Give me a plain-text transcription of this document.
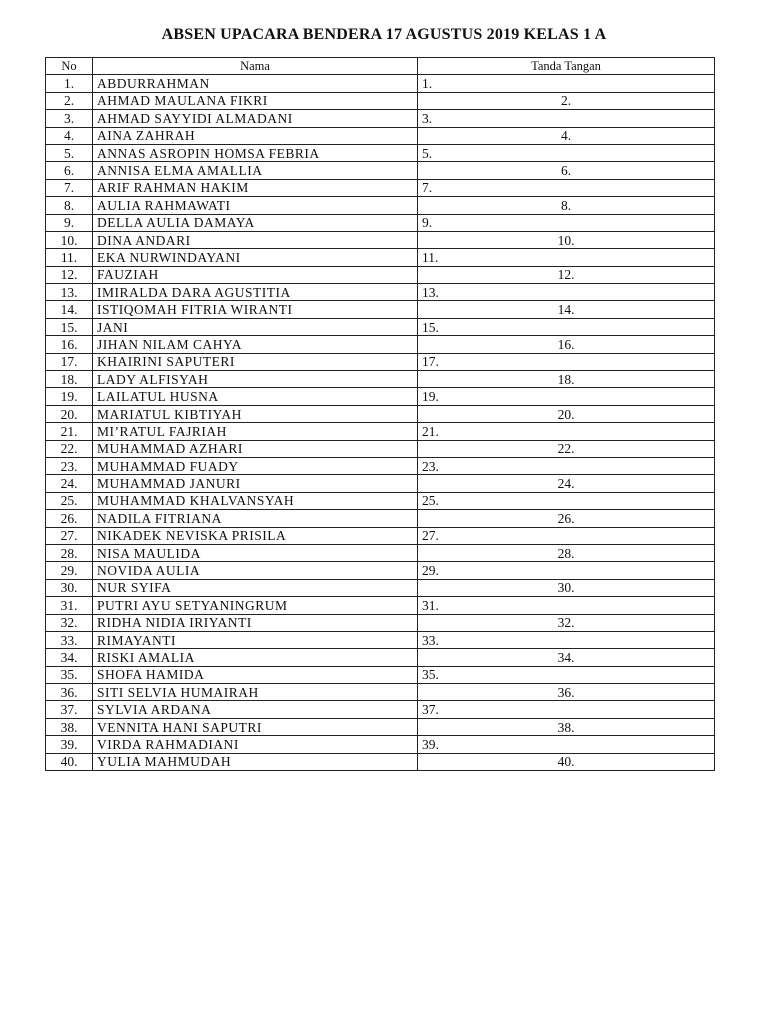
ABSEN UPACARA BENDERA 17 AGUSTUS 2019 KELAS 1 A
No	Nama	Tanda Tangan
1.	ABDURRAHMAN	1.
2.	AHMAD MAULANA FIKRI	2.
3.	AHMAD SAYYIDI ALMADANI	3.
4.	AINA ZAHRAH	4.
5.	ANNAS ASROPIN HOMSA FEBRIA	5.
6.	ANNISA ELMA AMALLIA	6.
7.	ARIF RAHMAN HAKIM	7.
8.	AULIA RAHMAWATI	8.
9.	DELLA AULIA DAMAYA	9.
10.	DINA ANDARI	10.
11.	EKA NURWINDAYANI	11.
12.	FAUZIAH	12.
13.	IMIRALDA DARA AGUSTITIA	13.
14.	ISTIQOMAH FITRIA WIRANTI	14.
15.	JANI	15.
16.	JIHAN NILAM CAHYA	16.
17.	KHAIRINI SAPUTERI	17.
18.	LADY ALFISYAH	18.
19.	LAILATUL HUSNA	19.
20.	MARIATUL KIBTIYAH	20.
21.	MI’RATUL FAJRIAH	21.
22.	MUHAMMAD AZHARI	22.
23.	MUHAMMAD FUADY	23.
24.	MUHAMMAD JANURI	24.
25.	MUHAMMAD KHALVANSYAH	25.
26.	NADILA FITRIANA	26.
27.	NIKADEK NEVISKA PRISILA	27.
28.	NISA MAULIDA	28.
29.	NOVIDA AULIA	29.
30.	NUR SYIFA	30.
31.	PUTRI AYU SETYANINGRUM	31.
32.	RIDHA NIDIA IRIYANTI	32.
33.	RIMAYANTI	33.
34.	RISKI AMALIA	34.
35.	SHOFA HAMIDA	35.
36.	SITI SELVIA HUMAIRAH	36.
37.	SYLVIA ARDANA	37.
38.	VENNITA HANI SAPUTRI	38.
39.	VIRDA RAHMADIANI	39.
40.	YULIA MAHMUDAH	40.
